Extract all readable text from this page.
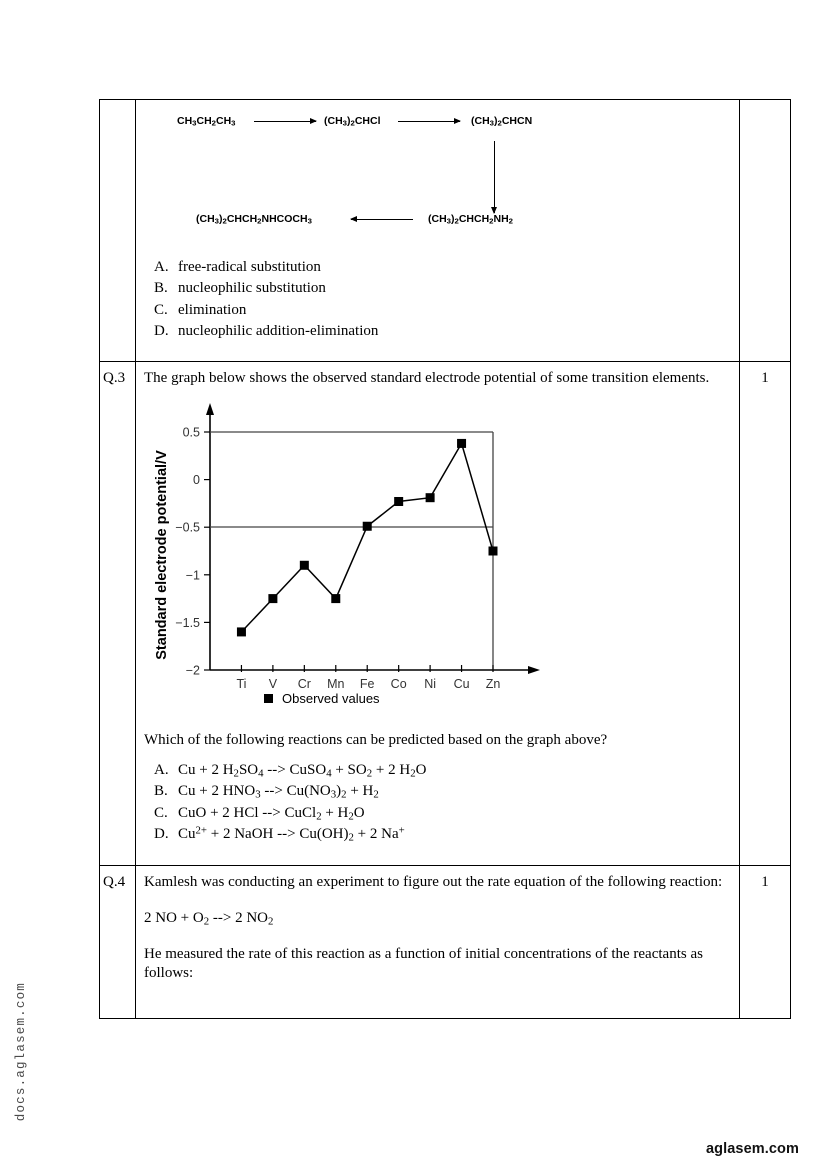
docs.aglasem.com
aglasem.com

$CH_3CH_2CH_3$	$(CH_3)_2CHCl$	$(CH_3)_2CHCN$
$(CH_3)_2CHCH_2NHCOCH_3$	$(CH_3)_2CHCH_2NH_2$
A. free-radical substitution
B. nucleophilic substitution
C. elimination
D. nucleophilic addition-elimination

Q.3	The graph below shows the observed standard electrode potential of some transition elements.
Standard electrode potential/V
0.5
0
−0.5
−1
−1.5
−2
Ti V Cr Mn Fe Co Ni Cu Zn
Observed values
Which of the following reactions can be predicted based on the graph above?
A. Cu + 2 $H_2SO_4$ --> CuSO$_4$ + $SO_2 + 2$ $H_2O$
B. Cu + 2 $HNO_3$ --> $Cu(NO_3)_2 + H_2$
C. CuO + 2 HCl --> CuCl$_2$ + $H_2O$
D. $Cu^{2+} + 2$ NaOH --> $Cu(OH)_2 + 2$ Na+

1

Q.4	Kamlesh was conducting an experiment to figure out the rate equation of the following reaction:
2 NO + $O_2$ --> 2 $NO_2$
He measured the rate of this reaction as a function of initial concentrations of the reactants as follows:	1
